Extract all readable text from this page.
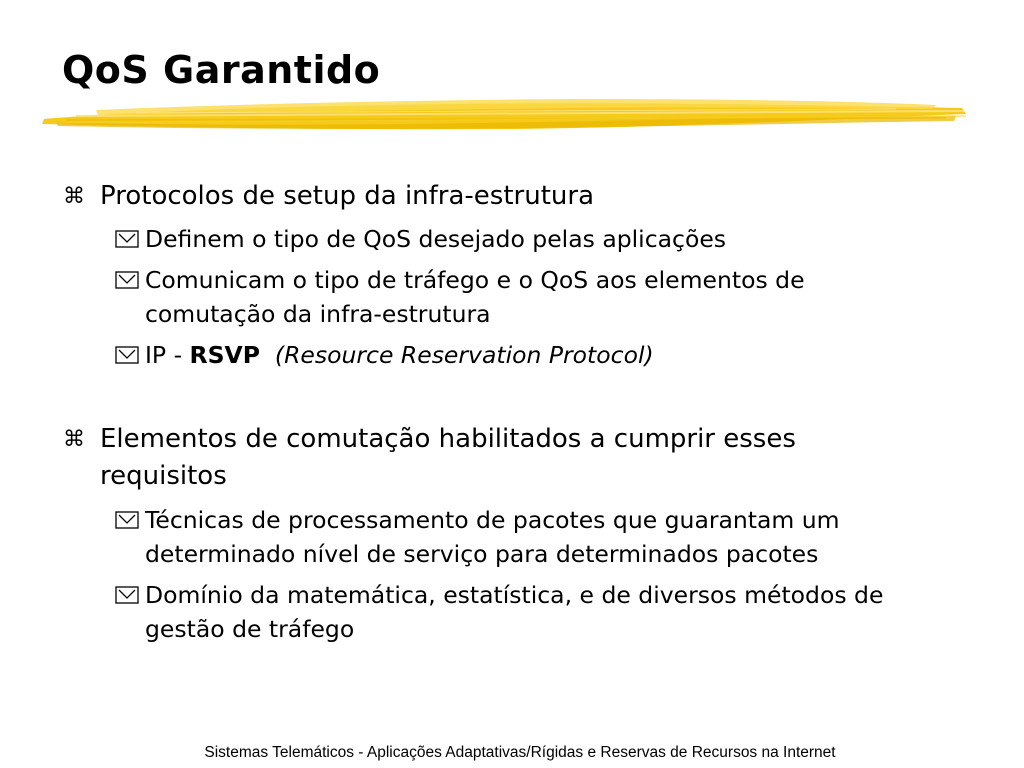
QoS Garantido
⌘ Protocolos de setup da infra-estrutura
Definem o tipo de QoS desejado pelas aplicações
Comunicam o tipo de tráfego e o QoS aos elementos de comutação da infra-estrutura
IP - RSVP (Resource Reservation Protocol)
⌘ Elementos de comutação habilitados a cumprir esses requisitos
Técnicas de processamento de pacotes que guarantam um determinado nível de serviço para determinados pacotes
Domínio da matemática, estatística, e de diversos métodos de gestão de tráfego
Sistemas Telemáticos - Aplicações Adaptativas/Rígidas e Reservas de Recursos na Internet
